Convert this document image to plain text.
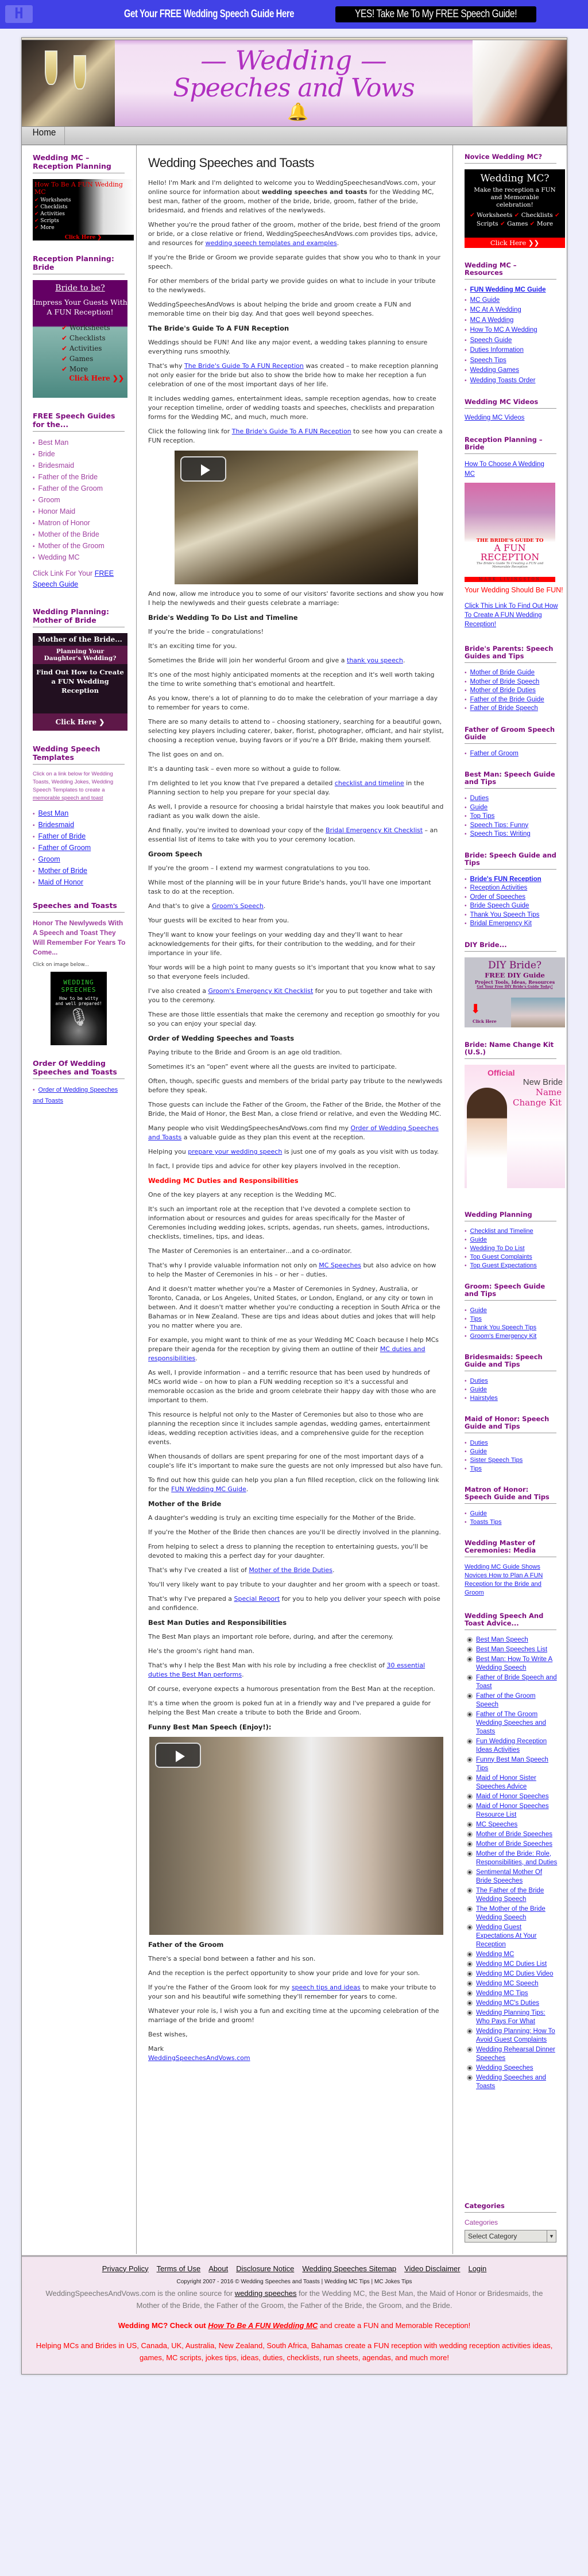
H	Get Your FREE Wedding Speech Guide Here	YES! Take Me To My FREE Speech Guide!
— Wedding —
Speeches and Vows
🔔
Home
Wedding MC – Reception Planning
How To Be A FUN Wedding MC
✔ Worksheets
✔ Checklists
✔ Activities
✔ Scripts
✔ More
Click Here ❯
Reception Planning: Bride
Bride to be?
Impress Your Guests With A FUN Reception!
✔ Worksheets
✔ Checklists
✔ Activities
✔ Games
✔ More
Click Here ❯❯
FREE Speech Guides for the...
• Best Man
• Bride
• Bridesmaid
• Father of the Bride
• Father of the Groom
• Groom
• Honor Maid
• Matron of Honor
• Mother of the Bride
• Mother of the Groom
• Wedding MC
Click Link For Your FREE Speech Guide
Wedding Planning: Mother of Bride
Mother of the Bride...
Planning Your Daughter's Wedding?
Find Out How to Create a FUN Wedding Reception
Click Here ❯
Wedding Speech Templates
Click on a link below for Wedding Toasts, Wedding Jokes, Wedding Speech Templates to create a memorable speech and toast
• Best Man
• Bridesmaid
• Father of Bride
• Father of Groom
• Groom
• Mother of Bride
• Maid of Honor
Speeches and Toasts
Honor The Newlyweds With A Speech and Toast They Will Remember For Years To Come...
Click on image below...
WEDDING
SPEECHES
How to be witty and well prepared!
🎙
Order Of Wedding Speeches and Toasts
• Order of Wedding Speeches and Toasts
Wedding Speeches and Toasts

Hello! I'm Mark and I'm delighted to welcome you to WeddingSpeechesandVows.com, your online source for information about wedding speeches and toasts for the Wedding MC, best man, father of the groom, mother of the bride, bride, groom, father of the bride, bridesmaid, and friends and relatives of the newlyweds.

Whether you're the proud father of the groom, mother of the bride, best friend of the groom or bride, or a close relative or friend, WeddingSpeechesAndVows.com provides tips, advice, and resources for wedding speech templates and examples.

If you're the Bride or Groom we provide separate guides that show you who to thank in your speech.

For other members of the bridal party we provide guides on what to include in your tribute to the newlyweds.

WeddingSpeechesAndVows is about helping the bride and groom create a FUN and memorable time on their big day. And that goes well beyond speeches.

The Bride's Guide To A FUN Reception

Weddings should be FUN! And like any major event, a wedding takes planning to ensure everything runs smoothly.

That's why The Bride's Guide To A FUN Reception was created – to make reception planning not only easier for the bride but also to show the bride how to make her reception a fun celebration of one of the most important days of her life.

It includes wedding games, entertainment ideas, sample reception agendas, how to create your reception timeline, order of wedding toasts and speeches, checklists and preparation forms for the Wedding MC, and much, much more.

Click the following link for The Bride's Guide To A FUN Reception to see how you can create a FUN reception.

And now, allow me introduce you to some of our visitors' favorite sections and show you how I help the newlyweds and their guests celebrate a marriage:

Bride's Wedding To Do List and Timeline

If you're the bride – congratulations!

It's an exciting time for you.

Sometimes the Bride will join her wonderful Groom and give a thank you speech.

It's one of the most highly anticipated moments at the reception and it's well worth taking the time to write something that's emotional and heartfelt.

As you know, there's a lot of planning to do to make the celebration of your marriage a day to remember for years to come.

There are so many details to attend to – choosing stationery, searching for a beautiful gown, selecting key players including caterer, baker, florist, photographer, officiant, and hair stylist, choosing a reception venue, buying favors or if you're a DIY Bride, making them yourself.

The list goes on and on.

It's a daunting task – even more so without a guide to follow.

I'm delighted to let you know that I've prepared a detailed checklist and timeline in the Planning section to help you prepare for your special day.

As well, I provide a resource for choosing a bridal hairstyle that makes you look beautiful and radiant as you walk down the aisle.

And finally, you're invited to download your copy of the Bridal Emergency Kit Checklist – an essential list of items to take with you to your ceremony location.

Groom Speech

If you're the groom – I extend my warmest congratulations to you too.

While most of the planning will be in your future Bride's hands, you'll have one important task to do at the reception.

And that's to give a Groom's Speech.

Your guests will be excited to hear from you.

They'll want to know your feelings on your wedding day and they'll want to hear acknowledgements for their gifts, for their contribution to the wedding, and for their importance in your life.

Your words will be a high point to many guests so it's important that you know what to say so that everyone feels included.

I've also created a Groom's Emergency Kit Checklist for you to put together and take with you to the ceremony.

These are those little essentials that make the ceremony and reception go smoothly for you so you can enjoy your special day.

Order of Wedding Speeches and Toasts

Paying tribute to the Bride and Groom is an age old tradition.

Sometimes it's an “open” event where all the guests are invited to participate.

Often, though, specific guests and members of the bridal party pay tribute to the newlyweds before they speak.

Those guests can include the Father of the Groom, the Father of the Bride, the Mother of the Bride, the Maid of Honor, the Best Man, a close friend or relative, and even the Wedding MC.

Many people who visit WeddingSpeechesAndVows.com find my Order of Wedding Speeches and Toasts a valuable guide as they plan this event at the reception.

Helping you prepare your wedding speech is just one of my goals as you visit with us today.

In fact, I provide tips and advice for other key players involved in the reception.

Wedding MC Duties and Responsibilities

One of the key players at any reception is the Wedding MC.

It's such an important role at the reception that I've devoted a complete section to information about or resources and guides for areas specifically for the Master of Ceremonies including wedding jokes, scripts, agendas, run sheets, games, introductions, checklists, timelines, tips, and ideas.

The Master of Ceremonies is an entertainer…and a co-ordinator.

That's why I provide valuable information not only on MC Speeches but also advice on how to help the Master of Ceremonies in his – or her – duties.

And it doesn't matter whether you're a Master of Ceremonies in Sydney, Australia, or Toronto, Canada, or Los Angeles, United States, or London, England, or any city or town in between. And it doesn't matter whether you're conducting a reception in South Africa or the Bahamas or in New Zealand. These are tips and ideas about duties and jokes that will help you no matter where you are.

For example, you might want to think of me as your Wedding MC Coach because I help MCs prepare their agenda for the reception by giving them an outline of their MC duties and responsibilities.

As well, I provide information – and a terrific resource that has been used by hundreds of MCs world wide – on how to plan a FUN wedding reception so it's a successful and memorable occasion as the bride and groom celebrate their happy day with those who are important to them.

This resource is helpful not only to the Master of Ceremonies but also to those who are planning the reception since it includes sample agendas, wedding games, entertainment ideas, wedding reception activities ideas, and a comprehensive guide for the reception events.

When thousands of dollars are spent preparing for one of the most important days of a couple's life it's important to make sure the guests are not only impressed but also have fun.

To find out how this guide can help you plan a fun filled reception, click on the following link for the FUN Wedding MC Guide.

Mother of the Bride

A daughter's wedding is truly an exciting time especially for the Mother of the Bride.

If you're the Mother of the Bride then chances are you'll be directly involved in the planning.

From helping to select a dress to planning the reception to entertaining guests, you'll be devoted to making this a perfect day for your daughter.

That's why I've created a list of Mother of the Bride Duties.

You'll very likely want to pay tribute to your daughter and her groom with a speech or toast.

That's why I've prepared a Special Report for you to help you deliver your speech with poise and confidence.

Best Man Duties and Responsibilities

The Best Man plays an important role before, during, and after the ceremony.

He's the groom's right hand man.

That's why I help the Best Man with his role by including a free checklist of 30 essential duties the Best Man performs.

Of course, everyone expects a humorous presentation from the Best Man at the reception.

It's a time when the groom is poked fun at in a friendly way and I've prepared a guide for helping the Best Man create a tribute to both the Bride and Groom.

Funny Best Man Speech (Enjoy!):
Father of the Groom

There's a special bond between a father and his son.

And the reception is the perfect opportunity to show your pride and love for your son.

If you're the Father of the Groom look for my speech tips and ideas to make your tribute to your son and his beautiful wife something they'll remember for years to come.

Whatever your role is, I wish you a fun and exciting time at the upcoming celebration of the marriage of the bride and groom!

Best wishes,

Mark
WeddingSpeechesAndVows.com

Novice Wedding MC?
Wedding MC?
Make the reception a FUN and Memorable celebration!
✔ Worksheets ✔ Checklists ✔ Scripts ✔ Games ✔ More
Click Here ❯❯
Wedding MC – Resources
• FUN Wedding MC Guide
• MC Guide
• MC At A Wedding
• MC A Wedding
• How To MC A Wedding
• Speech Guide
• Duties Information
• Speech Tips
• Wedding Games
• Wedding Toasts Order
Wedding MC Videos
Wedding MC Videos
Reception Planning – Bride
How To Choose A Wedding MC
THE BRIDE'S GUIDE TO
A FUN
RECEPTION
The Bride's Guide To Creating a FUN and Memorable Reception
MARK LIVINGSTON
Your Wedding Should Be FUN!
Click This Link To Find Out How To Create A FUN Wedding Reception!
Bride's Parents: Speech Guides and Tips
• Mother of Bride Guide
• Mother of Bride Speech
• Mother of Bride Duties
• Father of the Bride Guide
• Father of Bride Speech
Father of Groom Speech Guide
• Father of Groom
Best Man: Speech Guide and Tips
• Duties
• Guide
• Top Tips
• Speech Tips: Funny
• Speech Tips: Writing
Bride: Speech Guide and Tips
• Bride's FUN Reception
• Reception Activities
• Order of Speeches
• Bride Speech Guide
• Thank You Speech Tips
• Bridal Emergency Kit
DIY Bride...
DIY Bride?
FREE DIY Guide
Project Tools, Ideas, Resources
Get Your Free DIY Bride's Guide Today!
⬇
Click Here
Bride: Name Change Kit (U.S.)
Official
New Bride
Name
Change Kit
Wedding Planning
• Checklist and Timeline
• Guide
• Wedding To Do List
• Top Guest Complaints
• Top Guest Expectations
Groom: Speech Guide and Tips
• Guide
• Tips
• Thank You Speech Tips
• Groom's Emergency Kit
Bridesmaids: Speech Guide and Tips
• Duties
• Guide
• Hairstyles
Maid of Honor: Speech Guide and Tips
• Duties
• Guide
• Sister Speech Tips
• Tips
Matron of Honor: Speech Guide and Tips
• Guide
• Toasts Tips
Wedding Master of Ceremonies: Media
Wedding MC Guide Shows Novices How to Plan A FUN Reception for the Bride and Groom
Wedding Speech And Toast Advice...
Best Man Speech
Best Man Speeches List
Best Man: How To Write A Wedding Speech
Father of Bride Speech and Toast
Father of the Groom Speech
Father of The Groom Wedding Speeches and Toasts
Fun Wedding Reception Ideas Activities
Funny Best Man Speech Tips
Maid of Honor Sister Speeches Advice
Maid of Honor Speeches
Maid of Honor Speeches Resource List
MC Speeches
Mother of Bride Speeches
Mother of Bride Speeches
Mother of the Bride: Role, Responsibilities, and Duties
Sentimental Mother Of Bride Speeches
The Father of the Bride Wedding Speech
The Mother of the Bride Wedding Speech
Wedding Guest Expectations At Your Reception
Wedding MC
Wedding MC Duties List
Wedding MC Duties Video
Wedding MC Speech
Wedding MC Tips
Wedding MC's Duties
Wedding Planning Tips: Who Pays For What
Wedding Planning: How To Avoid Guest Complaints
Wedding Rehearsal Dinner Speeches
Wedding Speeches
Wedding Speeches and Toasts
Categories
Categories
Select Category	▼
Privacy Policy Terms of Use About Disclosure Notice Wedding Speeches Sitemap Video Disclaimer Login
Copyright 2007 - 2016 © Wedding Speeches and Toasts | Wedding MC Tips | MC Jokes Tips
WeddingSpeechesAndVows.com is the online source for wedding speeches for the Wedding MC, the Best Man, the Maid of Honor or Bridesmaids, the Mother of the Bride, the Father of the Groom, the Father of the Bride, the Groom, and the Bride.
Wedding MC? Check out How To Be A FUN Wedding MC and create a FUN and Memorable Reception!
Helping MCs and Brides in US, Canada, UK, Australia, New Zealand, South Africa, Bahamas create a FUN reception with wedding reception activities ideas, games, MC scripts, jokes tips, ideas, duties, checklists, run sheets, agendas, and much more!
